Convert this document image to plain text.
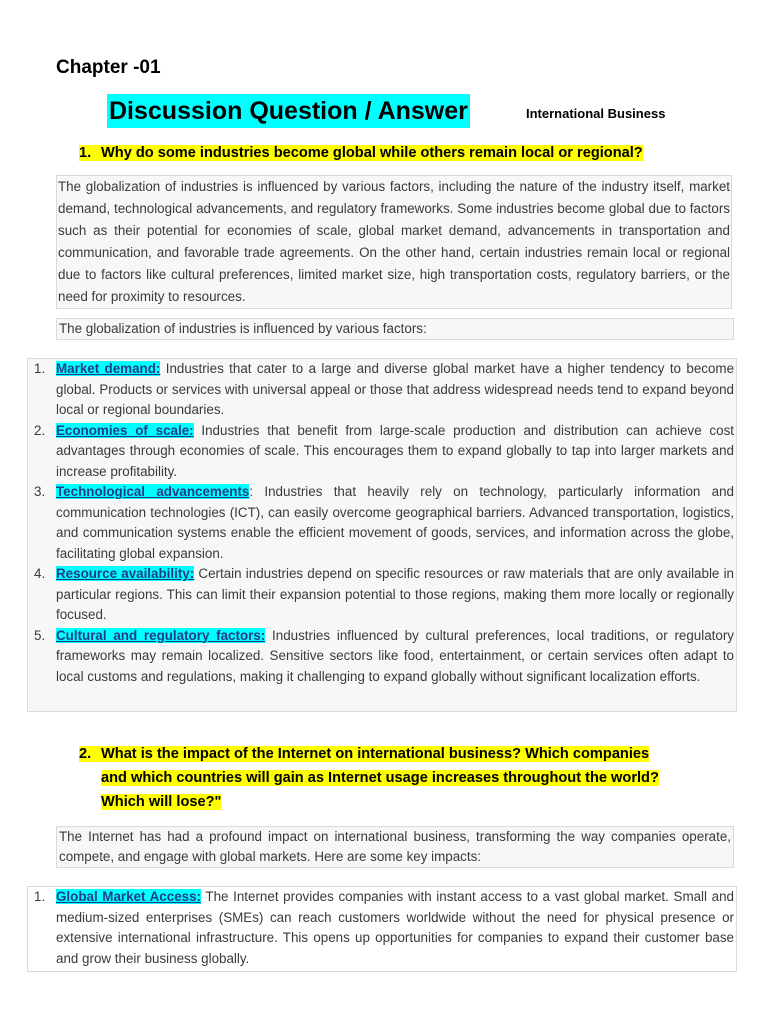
Chapter -01
Discussion Question / Answer	International Business
1. Why do some industries become global while others remain local or regional?
The globalization of industries is influenced by various factors, including the nature of the industry itself, market demand, technological advancements, and regulatory frameworks. Some industries become global due to factors such as their potential for economies of scale, global market demand, advancements in transportation and communication, and favorable trade agreements. On the other hand, certain industries remain local or regional due to factors like cultural preferences, limited market size, high transportation costs, regulatory barriers, or the need for proximity to resources.
The globalization of industries is influenced by various factors:
1. Market demand: Industries that cater to a large and diverse global market have a higher tendency to become global. Products or services with universal appeal or those that address widespread needs tend to expand beyond local or regional boundaries.
2. Economies of scale: Industries that benefit from large-scale production and distribution can achieve cost advantages through economies of scale. This encourages them to expand globally to tap into larger markets and increase profitability.
3. Technological advancements: Industries that heavily rely on technology, particularly information and communication technologies (ICT), can easily overcome geographical barriers. Advanced transportation, logistics, and communication systems enable the efficient movement of goods, services, and information across the globe, facilitating global expansion.
4. Resource availability: Certain industries depend on specific resources or raw materials that are only available in particular regions. This can limit their expansion potential to those regions, making them more locally or regionally focused.
5. Cultural and regulatory factors: Industries influenced by cultural preferences, local traditions, or regulatory frameworks may remain localized. Sensitive sectors like food, entertainment, or certain services often adapt to local customs and regulations, making it challenging to expand globally without significant localization efforts.
2. What is the impact of the Internet on international business? Which companies
and which countries will gain as Internet usage increases throughout the world?
Which will lose?"
The Internet has had a profound impact on international business, transforming the way companies operate, compete, and engage with global markets. Here are some key impacts:
1. Global Market Access: The Internet provides companies with instant access to a vast global market. Small and medium-sized enterprises (SMEs) can reach customers worldwide without the need for physical presence or extensive international infrastructure. This opens up opportunities for companies to expand their customer base and grow their business globally.
